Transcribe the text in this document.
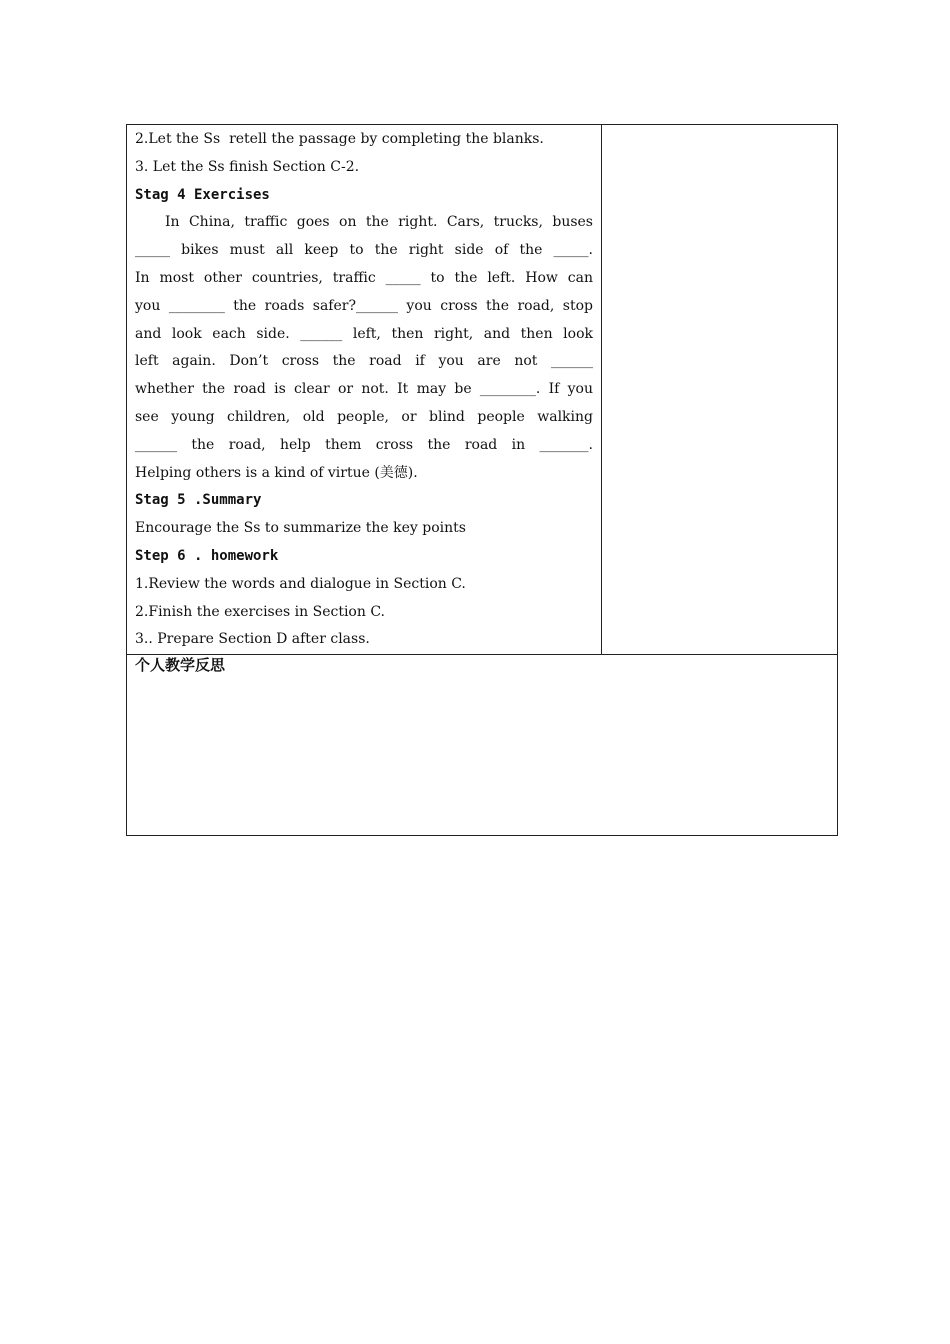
2.Let the Ss  retell the passage by completing the blanks.
3. Let the Ss finish Section C-2.
Stag 4 Exercises
In China, traffic goes on the right. Cars, trucks, buses
_____ bikes must all keep to the right side of the _____.
In most other countries, traffic _____ to the left. How can
you ________ the roads safer?______ you cross the road, stop
and look each side. ______ left, then right, and then look
left again. Don’t cross the road if you are not ______
whether the road is clear or not. It may be ________. If you
see young children, old people, or blind people walking
______ the road, help them cross the road in _______.
Helping others is a kind of virtue (美德).
Stag 5 .Summary
Encourage the Ss to summarize the key points
Step 6 . homework
1.Review the words and dialogue in Section C.
2.Finish the exercises in Section C.
3.. Prepare Section D after class.

个人教学反思
